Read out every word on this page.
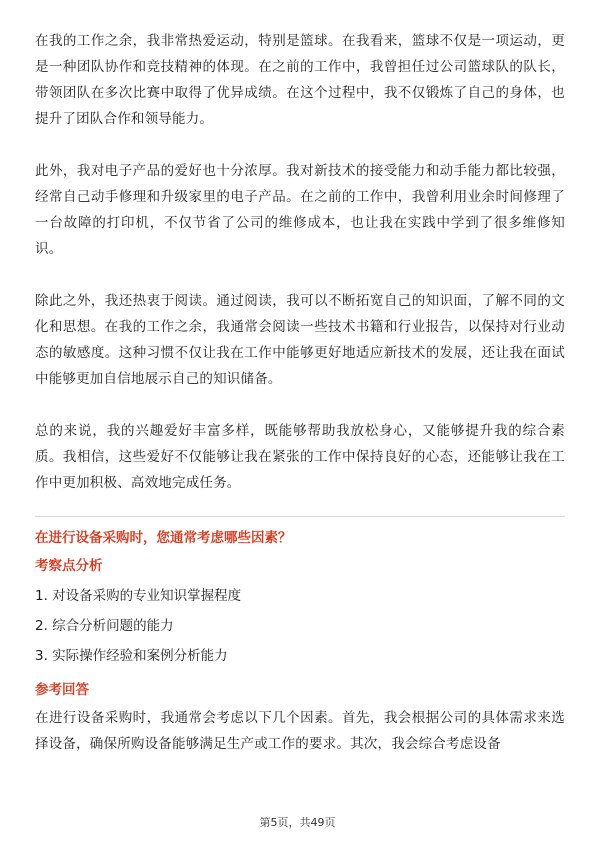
在我的工作之余，我非常热爱运动，特别是篮球。在我看来，篮球不仅是一项运动，更是一种团队协作和竞技精神的体现。在之前的工作中，我曾担任过公司篮球队的队长，带领团队在多次比赛中取得了优异成绩。在这个过程中，我不仅锻炼了自己的身体，也提升了团队合作和领导能力。

此外，我对电子产品的爱好也十分浓厚。我对新技术的接受能力和动手能力都比较强，经常自己动手修理和升级家里的电子产品。在之前的工作中，我曾利用业余时间修理了一台故障的打印机，不仅节省了公司的维修成本，也让我在实践中学到了很多维修知识。

除此之外，我还热衷于阅读。通过阅读，我可以不断拓宽自己的知识面，了解不同的文化和思想。在我的工作之余，我通常会阅读一些技术书籍和行业报告，以保持对行业动态的敏感度。这种习惯不仅让我在工作中能够更好地适应新技术的发展，还让我在面试中能够更加自信地展示自己的知识储备。

总的来说，我的兴趣爱好丰富多样，既能够帮助我放松身心，又能够提升我的综合素质。我相信，这些爱好不仅能够让我在紧张的工作中保持良好的心态，还能够让我在工作中更加积极、高效地完成任务。

在进行设备采购时，您通常考虑哪些因素？
考察点分析
1. 对设备采购的专业知识掌握程度
2. 综合分析问题的能力
3. 实际操作经验和案例分析能力
参考回答

在进行设备采购时，我通常会考虑以下几个因素。首先，我会根据公司的具体需求来选择设备，确保所购设备能够满足生产或工作的要求。其次，我会综合考虑设备

第5页，共49页
